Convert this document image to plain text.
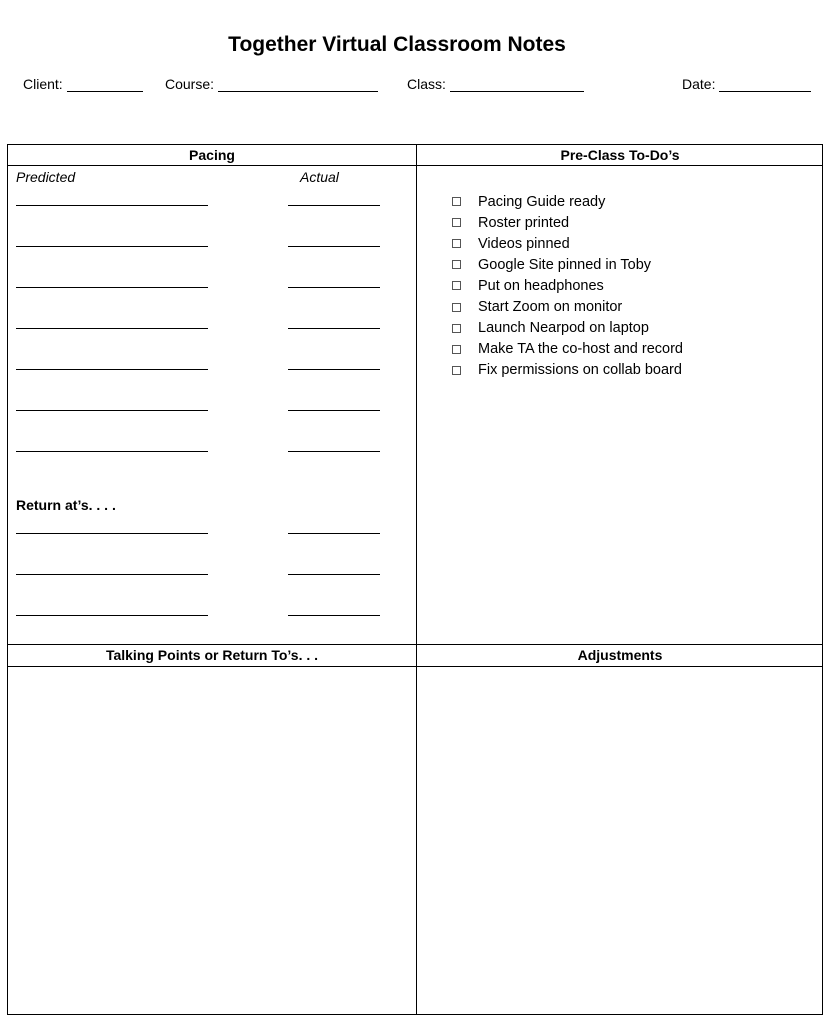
Together Virtual Classroom Notes
Client:	Course:	Class:	Date:
Pacing	Pre-Class To-Do’s
Talking Points or Return To’s. . .	Adjustments
Predicted	Actual
Return at’s. . . .
Pacing Guide ready
Roster printed
Videos pinned
Google Site pinned in Toby
Put on headphones
Start Zoom on monitor
Launch Nearpod on laptop
Make TA the co-host and record
Fix permissions on collab board
